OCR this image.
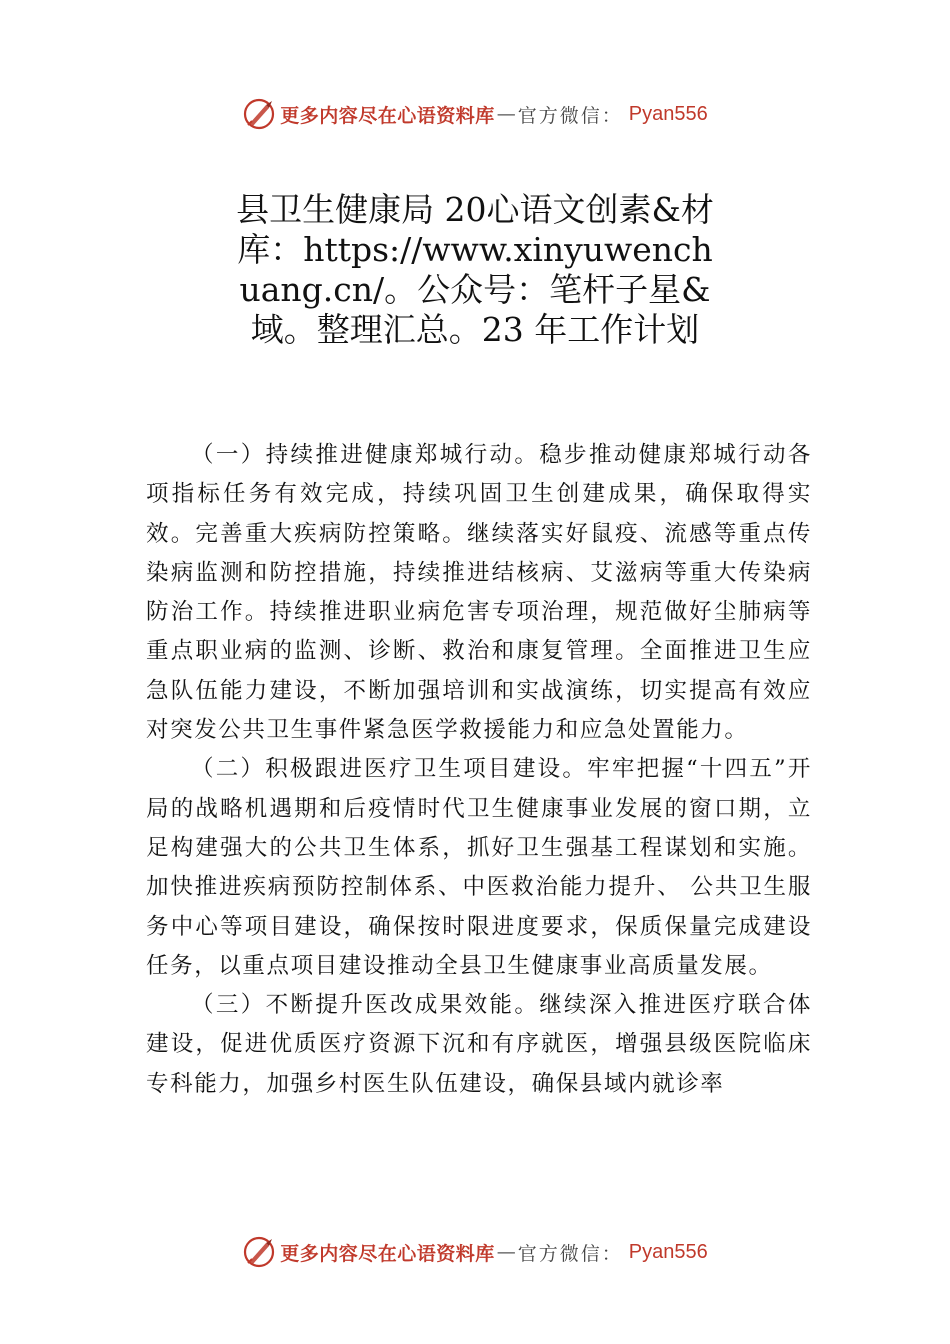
更多内容尽在心语资料库 — 官方微信： Pyan556
县卫生健康局 20心语文创素&材库：https://www.xinyuwenchuang.cn/。公众号：笔杆子星&域。整理汇总。23 年工作计划

（一）持续推进健康郑城行动。稳步推动健康郑城行动各项指标任务有效完成，持续巩固卫生创建成果，确保取得实效。完善重大疾病防控策略。继续落实好鼠疫、流感等重点传染病监测和防控措施，持续推进结核病、艾滋病等重大传染病防治工作。持续推进职业病危害专项治理，规范做好尘肺病等重点职业病的监测、诊断、救治和康复管理。全面推进卫生应急队伍能力建设，不断加强培训和实战演练，切实提高有效应对突发公共卫生事件紧急医学救援能力和应急处置能力。

（二）积极跟进医疗卫生项目建设。牢牢把握“十四五”开局的战略机遇期和后疫情时代卫生健康事业发展的窗口期，立足构建强大的公共卫生体系，抓好卫生强基工程谋划和实施。加快推进疾病预防控制体系、中医救治能力提升、 公共卫生服务中心等项目建设，确保按时限进度要求，保质保量完成建设任务，以重点项目建设推动全县卫生健康事业高质量发展。

（三）不断提升医改成果效能。继续深入推进医疗联合体建设，促进优质医疗资源下沉和有序就医，增强县级医院临床专科能力，加强乡村医生队伍建设，确保县域内就诊率

更多内容尽在心语资料库 — 官方微信： Pyan556
